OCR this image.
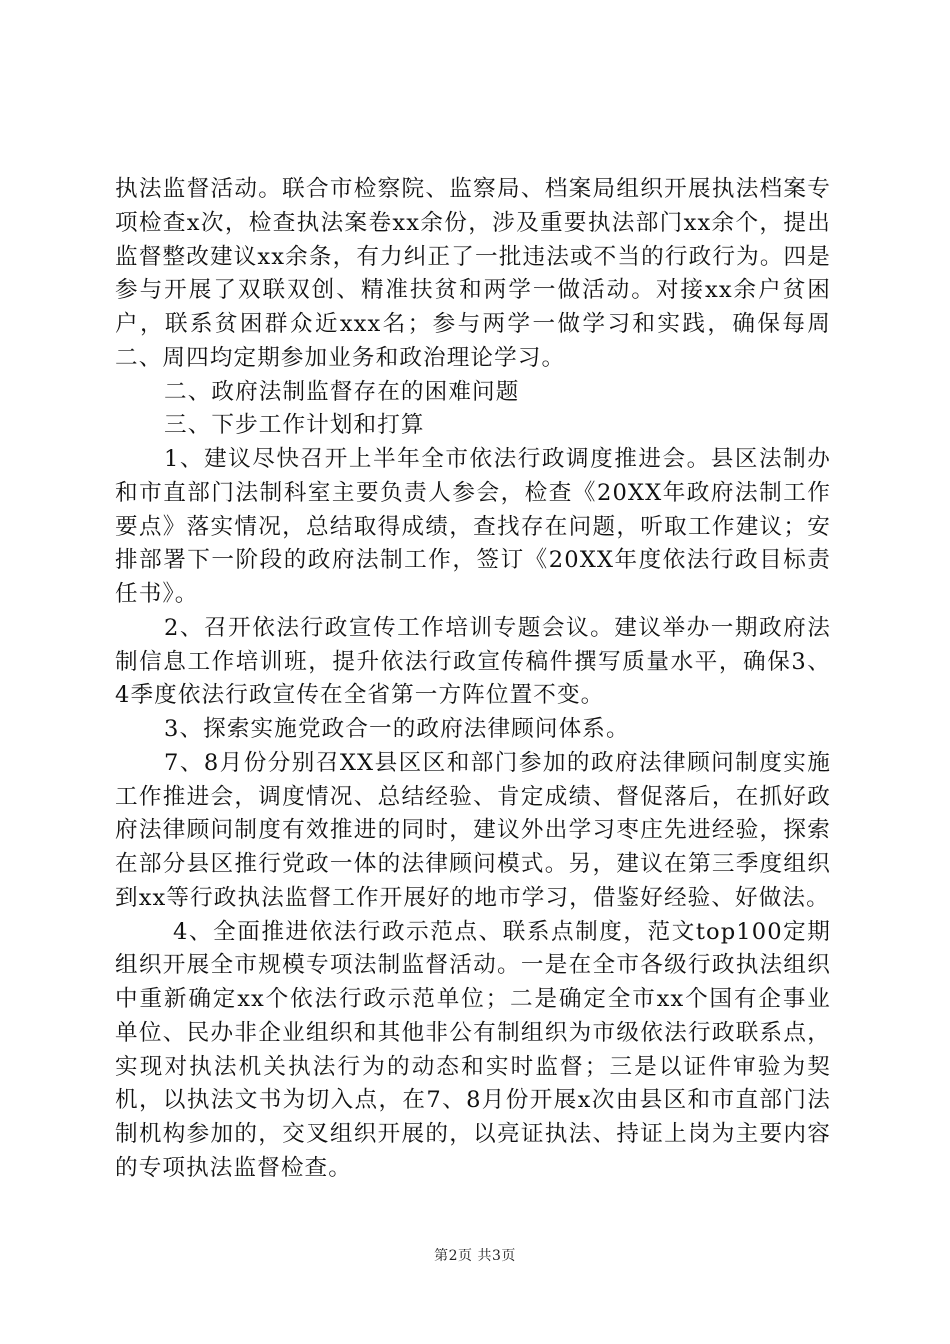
执法监督活动。联合市检察院、监察局、档案局组织开展执法档案专项检查x次，检查执法案卷xx余份，涉及重要执法部门xx余个，提出监督整改建议xx余条，有力纠正了一批违法或不当的行政行为。四是参与开展了双联双创、精准扶贫和两学一做活动。对接xx余户贫困户，联系贫困群众近xxx名；参与两学一做学习和实践，确保每周二、周四均定期参加业务和政治理论学习。

二、政府法制监督存在的困难问题

三、下步工作计划和打算

1、建议尽快召开上半年全市依法行政调度推进会。县区法制办和市直部门法制科室主要负责人参会，检查《20XX年政府法制工作要点》落实情况，总结取得成绩，查找存在问题，听取工作建议；安排部署下一阶段的政府法制工作，签订《20XX年度依法行政目标责任书》。

2、召开依法行政宣传工作培训专题会议。建议举办一期政府法制信息工作培训班，提升依法行政宣传稿件撰写质量水平，确保3、4季度依法行政宣传在全省第一方阵位置不变。

3、探索实施党政合一的政府法律顾问体系。

7、8月份分别召XX县区区和部门参加的政府法律顾问制度实施工作推进会，调度情况、总结经验、肯定成绩、督促落后，在抓好政府法律顾问制度有效推进的同时，建议外出学习枣庄先进经验，探索在部分县区推行党政一体的法律顾问模式。另，建议在第三季度组织到xx等行政执法监督工作开展好的地市学习，借鉴好经验、好做法。

4、全面推进依法行政示范点、联系点制度，范文top100定期组织开展全市规模专项法制监督活动。一是在全市各级行政执法组织中重新确定xx个依法行政示范单位；二是确定全市xx个国有企事业单位、民办非企业组织和其他非公有制组织为市级依法行政联系点，实现对执法机关执法行为的动态和实时监督；三是以证件审验为契机，以执法文书为切入点，在7、8月份开展x次由县区和市直部门法制机构参加的，交叉组织开展的，以亮证执法、持证上岗为主要内容的专项执法监督检查。

第2页 共3页
